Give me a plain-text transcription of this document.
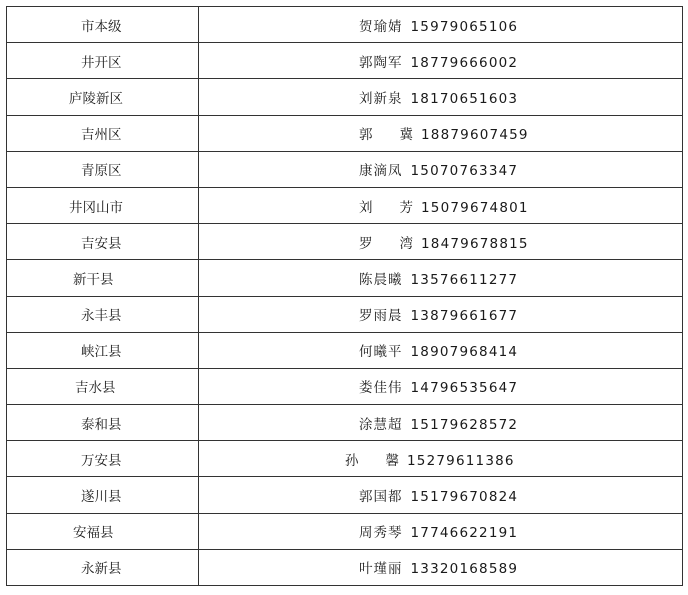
市本级	贺瑜婧 15979065106
井开区	郭陶军 18779666002
庐陵新区	刘新泉 18170651603
吉州区	郭　　冀 18879607459
青原区	康滴凤 15070763347
井冈山市	刘　　芳 15079674801
吉安县	罗　　湾 18479678815
新干县	陈晨曦 13576611277
永丰县	罗雨晨 13879661677
峡江县	何曦平 18907968414
吉水县	娄佳伟 14796535647
泰和县	涂慧超 15179628572
万安县	孙　　馨 15279611386
遂川县	郭国都 15179670824
安福县	周秀琴 17746622191
永新县	叶瑾丽 13320168589
